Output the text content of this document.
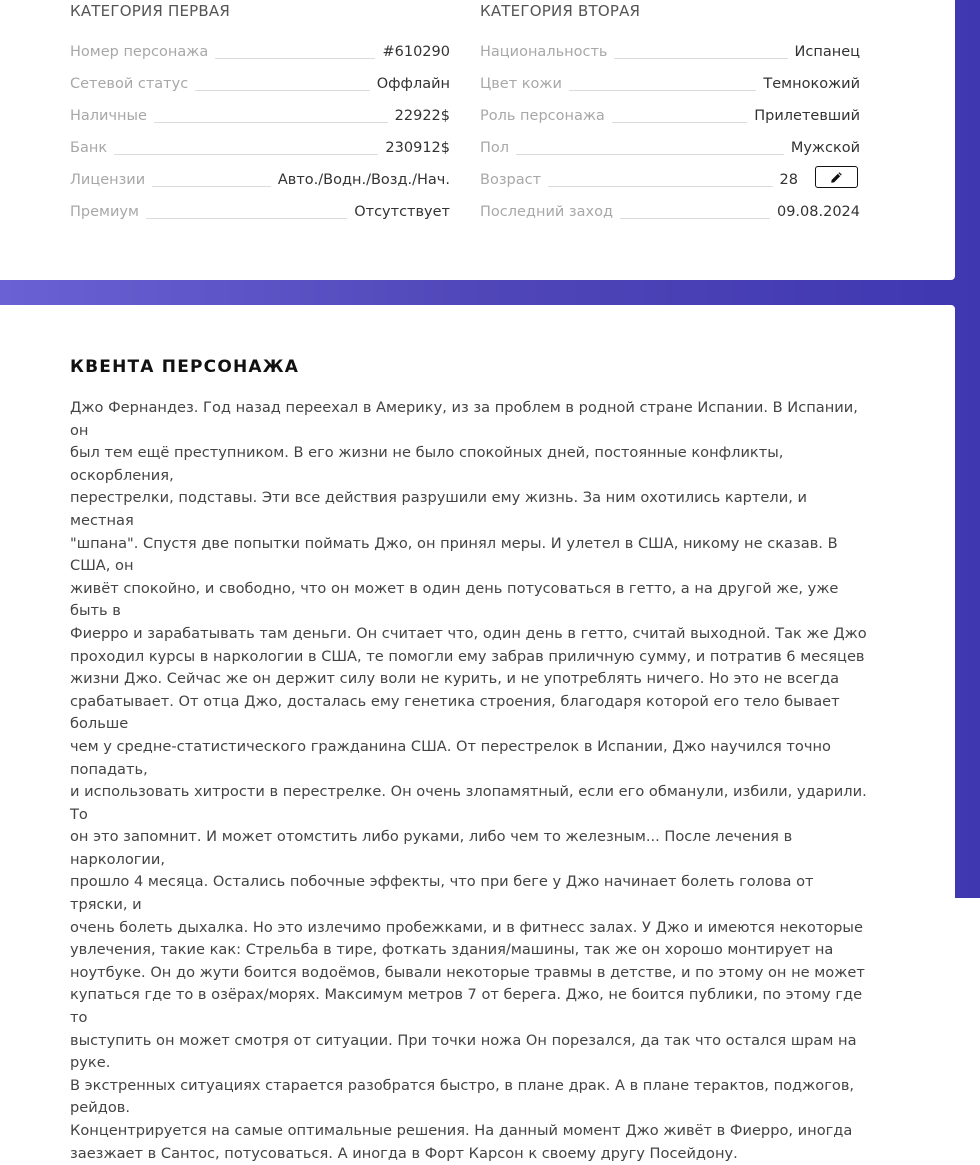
КАТЕГОРИЯ ПЕРВАЯ
Номер персонажа	#610290
Сетевой статус	Оффлайн
Наличные	22922$
Банк	230912$
Лицензии	Авто./Водн./Возд./Нач.
Премиум	Отсутствует
КАТЕГОРИЯ ВТОРАЯ
Национальность	Испанец
Цвет кожи	Темнокожий
Роль персонажа	Прилетевший
Пол	Мужской
Возраст	28
Последний заход	09.08.2024
КВЕНТА ПЕРСОНАЖА
Джо Фернандез. Год назад переехал в Америку, из за проблем в родной стране Испании. В Испании, он
был тем ещё преступником. В его жизни не было спокойных дней, постоянные конфликты, оскорбления,
перестрелки, подставы. Эти все действия разрушили ему жизнь. За ним охотились картели, и местная
"шпана". Спустя две попытки поймать Джо, он принял меры. И улетел в США, никому не сказав. В США, он
живёт спокойно, и свободно, что он может в один день потусоваться в гетто, а на другой же, уже быть в
Фиерро и зарабатывать там деньги. Он считает что, один день в гетто, считай выходной. Так же Джо
проходил курсы в наркологии в США, те помогли ему забрав приличную сумму, и потратив 6 месяцев
жизни Джо. Сейчас же он держит силу воли не курить, и не употреблять ничего. Но это не всегда
срабатывает. От отца Джо, досталась ему генетика строения, благодаря которой его тело бывает больше
чем у средне-статистического гражданина США. От перестрелок в Испании, Джо научился точно попадать,
и использовать хитрости в перестрелке. Он очень злопамятный, если его обманули, избили, ударили. То
он это запомнит. И может отомстить либо руками, либо чем то железным... После лечения в наркологии,
прошло 4 месяца. Остались побочные эффекты, что при беге у Джо начинает болеть голова от тряски, и
очень болеть дыхалка. Но это излечимо пробежками, и в фитнесс залах. У Джо и имеются некоторые
увлечения, такие как: Стрельба в тире, фоткать здания/машины, так же он хорошо монтирует на
ноутбуке. Он до жути боится водоёмов, бывали некоторые травмы в детстве, и по этому он не может
купаться где то в озёрах/морях. Максимум метров 7 от берега. Джо, не боится публики, по этому где то
выступить он может смотря от ситуации. При точки ножа Он порезался, да так что остался шрам на руке.
В экстренных ситуациях старается разобратся быстро, в плане драк. А в плане терактов, поджогов, рейдов.
Концентрируется на самые оптимальные решения. На данный момент Джо живёт в Фиерро, иногда
заезжает в Сантос, потусоваться. А иногда в Форт Карсон к своему другу Посейдону.
